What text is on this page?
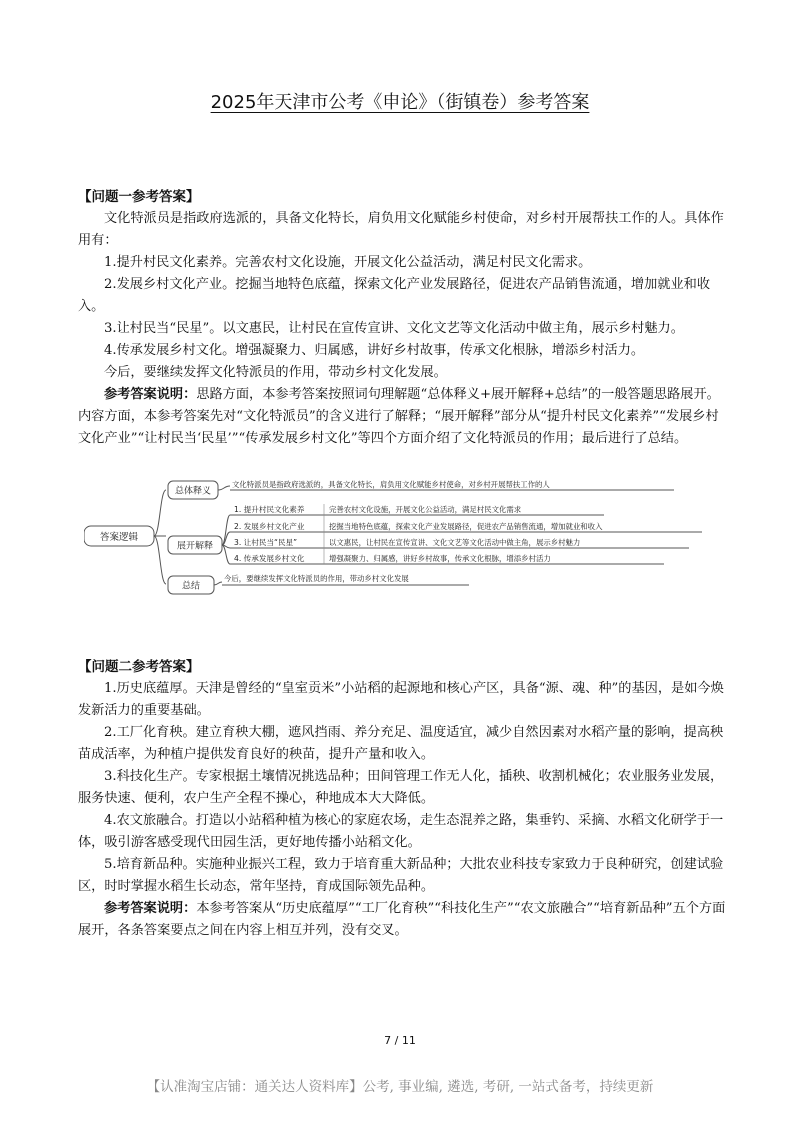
2025年天津市公考《申论》（街镇卷）参考答案
【问题一参考答案】

文化特派员是指政府选派的，具备文化特长，肩负用文化赋能乡村使命，对乡村开展帮扶工作的人。具体作用有：

1.提升村民文化素养。完善农村文化设施，开展文化公益活动，满足村民文化需求。

2.发展乡村文化产业。挖掘当地特色底蕴，探索文化产业发展路径，促进农产品销售流通，增加就业和收入。

3.让村民当“民星”。以文惠民，让村民在宣传宣讲、文化文艺等文化活动中做主角，展示乡村魅力。

4.传承发展乡村文化。增强凝聚力、归属感，讲好乡村故事，传承文化根脉，增添乡村活力。

今后，要继续发挥文化特派员的作用，带动乡村文化发展。

参考答案说明：思路方面，本参考答案按照词句理解题“总体释义+展开解释+总结”的一般答题思路展开。内容方面，本参考答案先对“文化特派员”的含义进行了解释；“展开解释”部分从“提升村民文化素养”“发展乡村文化产业”“让村民当‘民星’”“传承发展乡村文化”等四个方面介绍了文化特派员的作用；最后进行了总结。

答案逻辑
总体释义
文化特派员是指政府选派的，具备文化特长，肩负用文化赋能乡村使命，对乡村开展帮扶工作的人
展开解释
1. 提升村民文化素养	完善农村文化设施，开展文化公益活动，满足村民文化需求
2. 发展乡村文化产业	挖掘当地特色底蕴，探索文化产业发展路径，促进农产品销售流通，增加就业和收入
3. 让村民当“民星”	以文惠民，让村民在宣传宣讲、文化文艺等文化活动中做主角，展示乡村魅力
4. 传承发展乡村文化	增强凝聚力、归属感，讲好乡村故事，传承文化根脉，增添乡村活力
总结
今后，要继续发挥文化特派员的作用，带动乡村文化发展
【问题二参考答案】

1.历史底蕴厚。天津是曾经的“皇室贡米”小站稻的起源地和核心产区，具备“源、魂、种”的基因，是如今焕发新活力的重要基础。

2.工厂化育秧。建立育秧大棚，遮风挡雨、养分充足、温度适宜，减少自然因素对水稻产量的影响，提高秧苗成活率，为种植户提供发育良好的秧苗，提升产量和收入。

3.科技化生产。专家根据土壤情况挑选品种；田间管理工作无人化，插秧、收割机械化；农业服务业发展，服务快速、便利，农户生产全程不操心，种地成本大大降低。

4.农文旅融合。打造以小站稻种植为核心的家庭农场，走生态混养之路，集垂钓、采摘、水稻文化研学于一体，吸引游客感受现代田园生活，更好地传播小站稻文化。

5.培育新品种。实施种业振兴工程，致力于培育重大新品种；大批农业科技专家致力于良种研究，创建试验区，时时掌握水稻生长动态，常年坚持，育成国际领先品种。

参考答案说明：本参考答案从“历史底蕴厚”“工厂化育秧”“科技化生产”“农文旅融合”“培育新品种”五个方面展开，各条答案要点之间在内容上相互并列，没有交叉。

7 / 11
【认准淘宝店铺：通关达人资料库】公考, 事业编, 遴选, 考研, 一站式备考，持续更新
